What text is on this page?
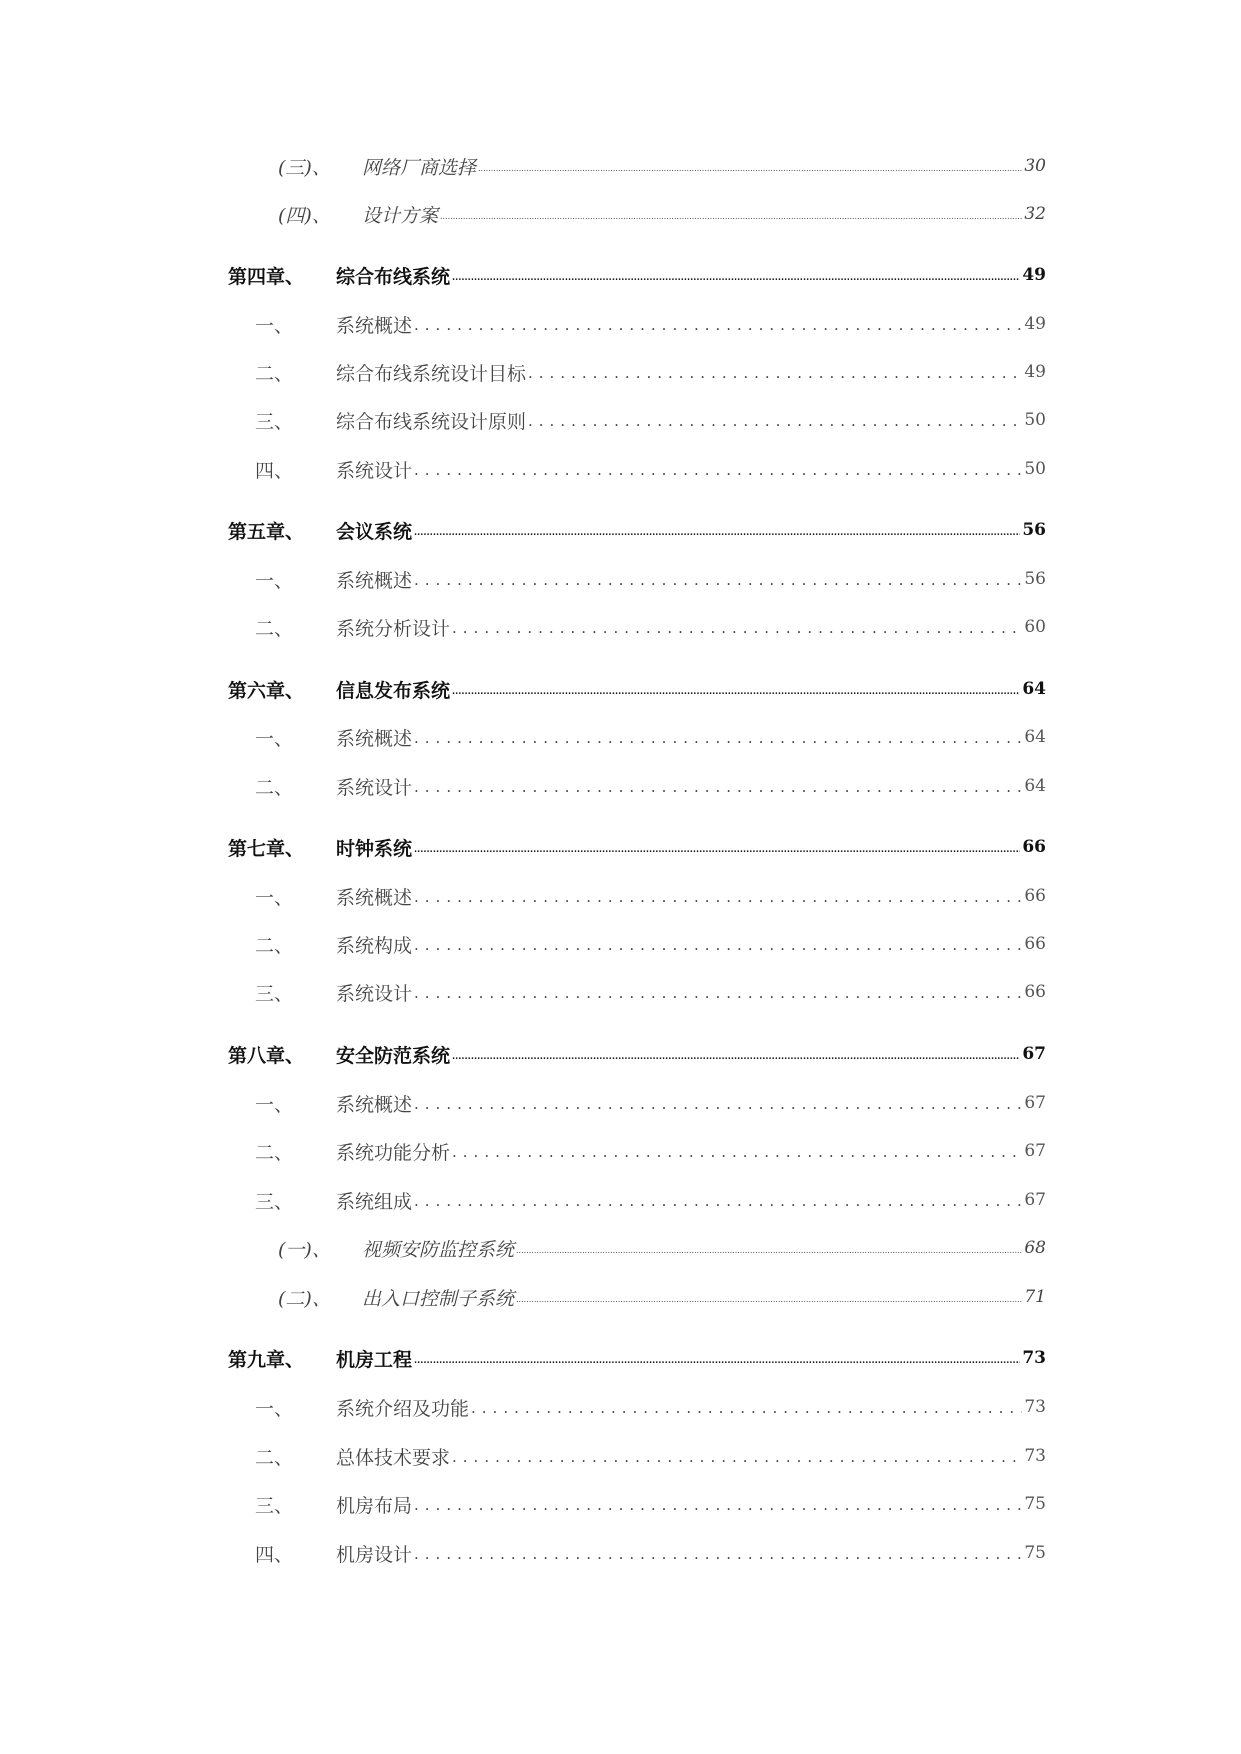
(三)、	网络厂商选择 .....	30
(四)、	设计方案 .....	32
第四章、	综合布线系统 .....	49
一、	系统概述 .....	49
二、	综合布线系统设计目标 .....	49
三、	综合布线系统设计原则 .....	50
四、	系统设计 .....	50
第五章、	会议系统 .....	56
一、	系统概述 .....	56
二、	系统分析设计 .....	60
第六章、	信息发布系统 .....	64
一、	系统概述 .....	64
二、	系统设计 .....	64
第七章、	时钟系统 .....	66
一、	系统概述 .....	66
二、	系统构成 .....	66
三、	系统设计 .....	66
第八章、	安全防范系统 .....	67
一、	系统概述 .....	67
二、	系统功能分析 .....	67
三、	系统组成 .....	67
(一)、	视频安防监控系统 .....	68
(二)、	出入口控制子系统 .....	71
第九章、	机房工程 .....	73
一、	系统介绍及功能 .....	73
二、	总体技术要求 .....	73
三、	机房布局 .....	75
四、	机房设计 .....	75
